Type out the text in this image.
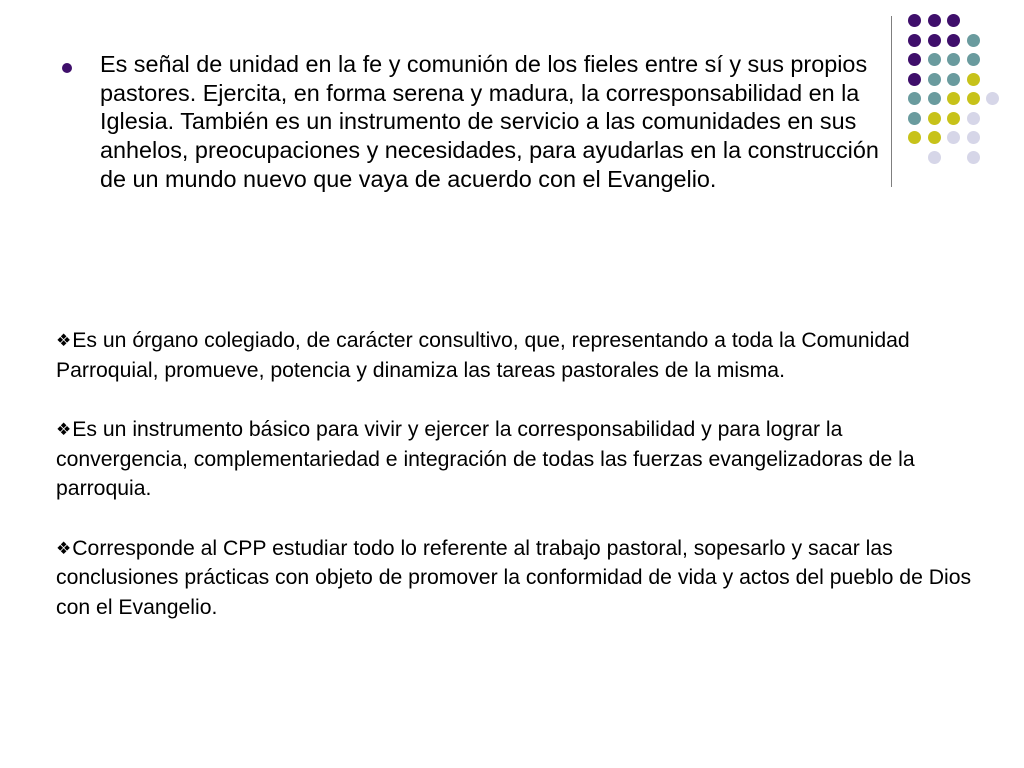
Es señal de unidad en la fe y comunión de los fieles entre sí y sus propios pastores. Ejercita, en forma serena y madura, la corresponsabilidad en la Iglesia. También es un instrumento de servicio a las comunidades en sus anhelos, preocupaciones y necesidades, para ayudarlas en la construcción de un mundo nuevo que vaya de acuerdo con el Evangelio.

❖Es un órgano colegiado, de carácter consultivo, que, representando a toda la Comunidad Parroquial, promueve, potencia y dinamiza las tareas pastorales de la misma.

❖Es un instrumento básico para vivir y ejercer la corresponsabilidad y para lograr la convergencia, complementariedad e integración de todas las fuerzas evangelizadoras de la parroquia.

❖Corresponde al CPP estudiar todo lo referente al trabajo pastoral, sopesarlo y sacar las conclusiones prácticas con objeto de promover la conformidad de vida y actos del pueblo de Dios con el Evangelio.
